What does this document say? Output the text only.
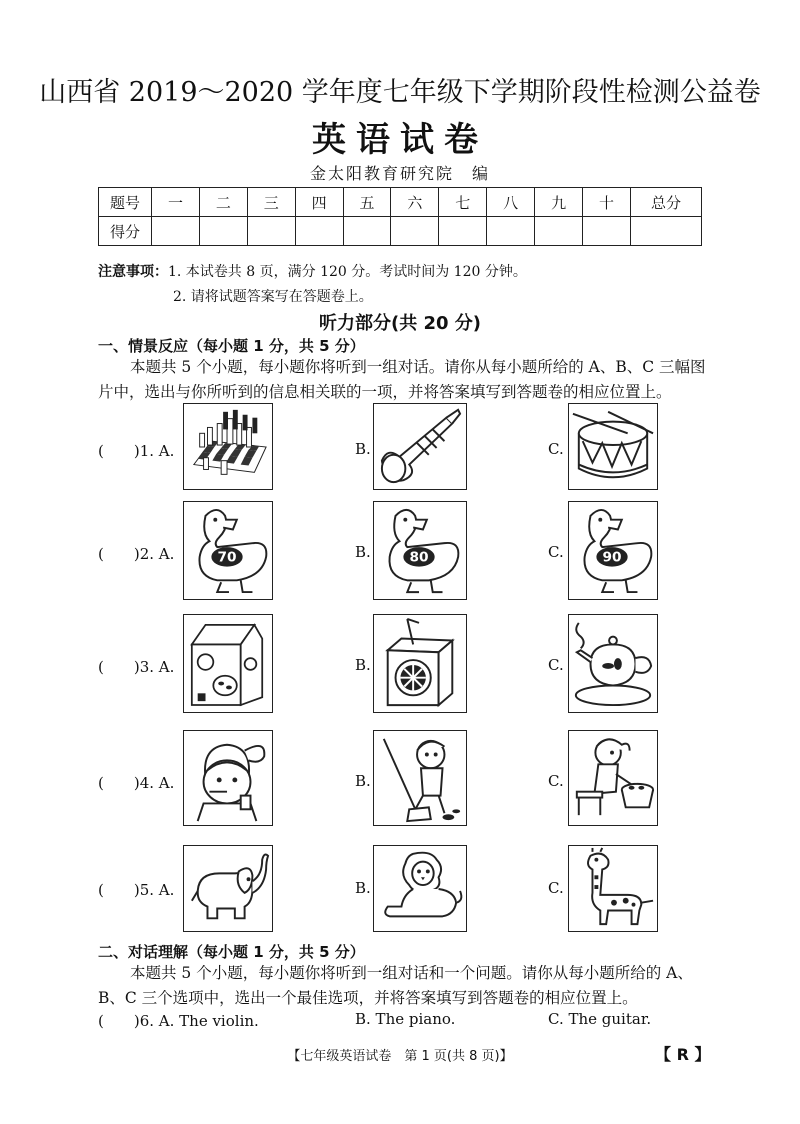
山西省 2019～2020 学年度七年级下学期阶段性检测公益卷
英语试卷
金太阳教育研究院　编
题号	一	二	三	四	五	六	七	八	九	十	总分
得分											
注意事项：1. 本试卷共 8 页，满分 120 分。考试时间为 120 分钟。
2. 请将试题答案写在答题卷上。
听力部分(共 20 分)
一、情景反应（每小题 1 分，共 5 分）
本题共 5 个小题，每小题你将听到一组对话。请你从每小题所给的 A、B、C 三幅图
片中，选出与你所听到的信息相关联的一项，并将答案填写到答题卷的相应位置上。
(　　)1. A.	B.	C.
(　　)2. A.	B.	C.
(　　)3. A.	B.	C.
(　　)4. A.	B.	C.
(　　)5. A.	B.	C.
70	80	90
二、对话理解（每小题 1 分，共 5 分）
本题共 5 个小题，每小题你将听到一组对话和一个问题。请你从每小题所给的 A、
B、C 三个选项中，选出一个最佳选项，并将答案填写到答题卷的相应位置上。
(　　)6. A. The violin.	B. The piano.	C. The guitar.
【七年级英语试卷　第 1 页(共 8 页)】	【 R 】
